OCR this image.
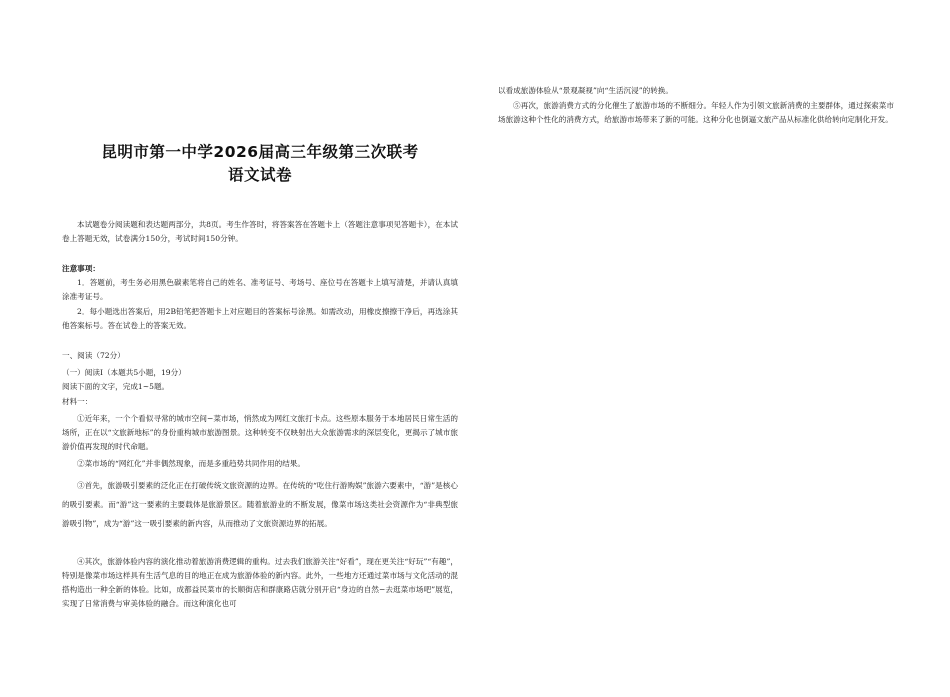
昆明市第一中学2026届高三年级第三次联考
语文试卷

本试题卷分阅读题和表达题两部分，共8页。考生作答时，将答案答在答题卡上（答题注意事项见答题卡），在本试卷上答题无效，试卷满分150分，考试时间150分钟。

注意事项：

1．答题前，考生务必用黑色碳素笔将自己的姓名、准考证号、考场号、座位号在答题卡上填写清楚，并请认真填涂准考证号。

2．每小题选出答案后，用2B铅笔把答题卡上对应题目的答案标号涂黑。如需改动，用橡皮擦擦干净后，再选涂其他答案标号。答在试卷上的答案无效。

一、阅读（72分）

（一）阅读Ⅰ（本题共5小题，19分）

阅读下面的文字，完成1~5题。

材料一：

①近年来，一个个看似寻常的城市空间−菜市场，悄然成为网红文旅打卡点。这些原本服务于本地居民日常生活的场所，正在以“文旅新地标”的身份重构城市旅游图景。这种转变不仅映射出大众旅游需求的深层变化，更揭示了城市旅游价值再发现的时代命题。

②菜市场的“网红化”并非偶然现象，而是多重趋势共同作用的结果。

③首先，旅游吸引要素的泛化正在打破传统文旅资源的边界。在传统的“吃住行游购娱”旅游六要素中，“游”是核心的吸引要素。而“游”这一要素的主要载体是旅游景区。随着旅游业的不断发展，像菜市场这类社会资源作为“非典型旅游吸引物”，成为“游”这一吸引要素的新内容，从而推动了文旅资源边界的拓展。

④其次，旅游体验内容的演化推动着旅游消费逻辑的重构。过去我们旅游关注“好看”，现在更关注“好玩”“有趣”，特别是像菜市场这样具有生活气息的目的地正在成为旅游体验的新内容。此外，一些地方还通过菜市场与文化活动的混搭构造出一种全新的体验。比如，成都益民菜市的长顺街店和群康路店就分别开启“身边的自然−去逛菜市场吧”展览，实现了日常消费与审美体验的融合。而这种演化也可

以看成旅游体验从“景观凝视”向“生活沉浸”的转换。

⑤再次，旅游消费方式的分化催生了旅游市场的不断细分。年轻人作为引领文旅新消费的主要群体，通过探索菜市场旅游这种个性化的消费方式，给旅游市场带来了新的可能。这种分化也倒逼文旅产品从标准化供给转向定制化开发。
